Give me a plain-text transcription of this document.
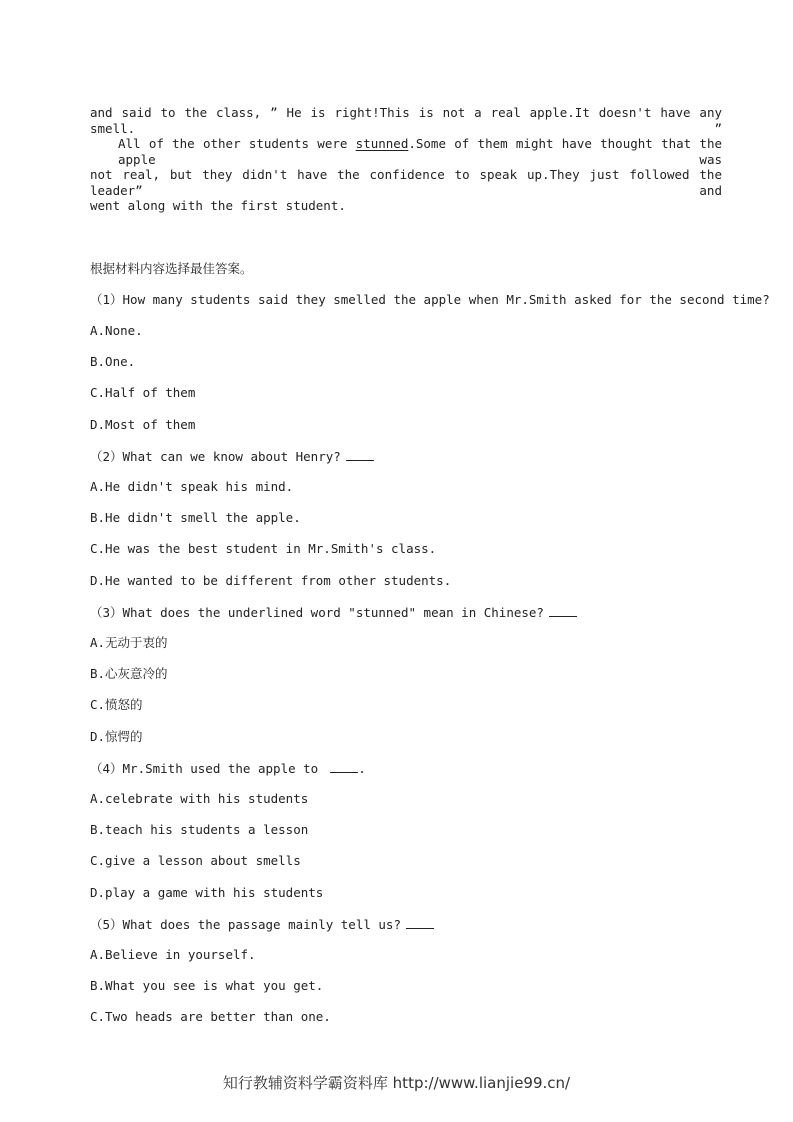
and said to the class, ” He is right!This is not a real apple.It doesn't have any smell. ”
All of the other students were stunned.Some of them might have thought that the apple was
not real, but they didn't have the confidence to speak up.They just followed the leader” and
went along with the first student.
根据材料内容选择最佳答案。
（1）How many students said they smelled the apple when Mr.Smith asked for the second time?
A.None.
B.One.
C.Half of them
D.Most of them
（2）What can we know about Henry?
A.He didn't speak his mind.
B.He didn't smell the apple.
C.He was the best student in Mr.Smith's class.
D.He wanted to be different from other students.
（3）What does the underlined word "stunned" mean in Chinese?
A.无动于衷的
B.心灰意冷的
C.愤怒的
D.惊愕的
（4）Mr.Smith used the apple to	.
A.celebrate with his students
B.teach his students a lesson
C.give a lesson about smells
D.play a game with his students
（5）What does the passage mainly tell us?
A.Believe in yourself.
B.What you see is what you get.
C.Two heads are better than one.
知行教辅资料学霸资料库 http://www.lianjie99.cn/
